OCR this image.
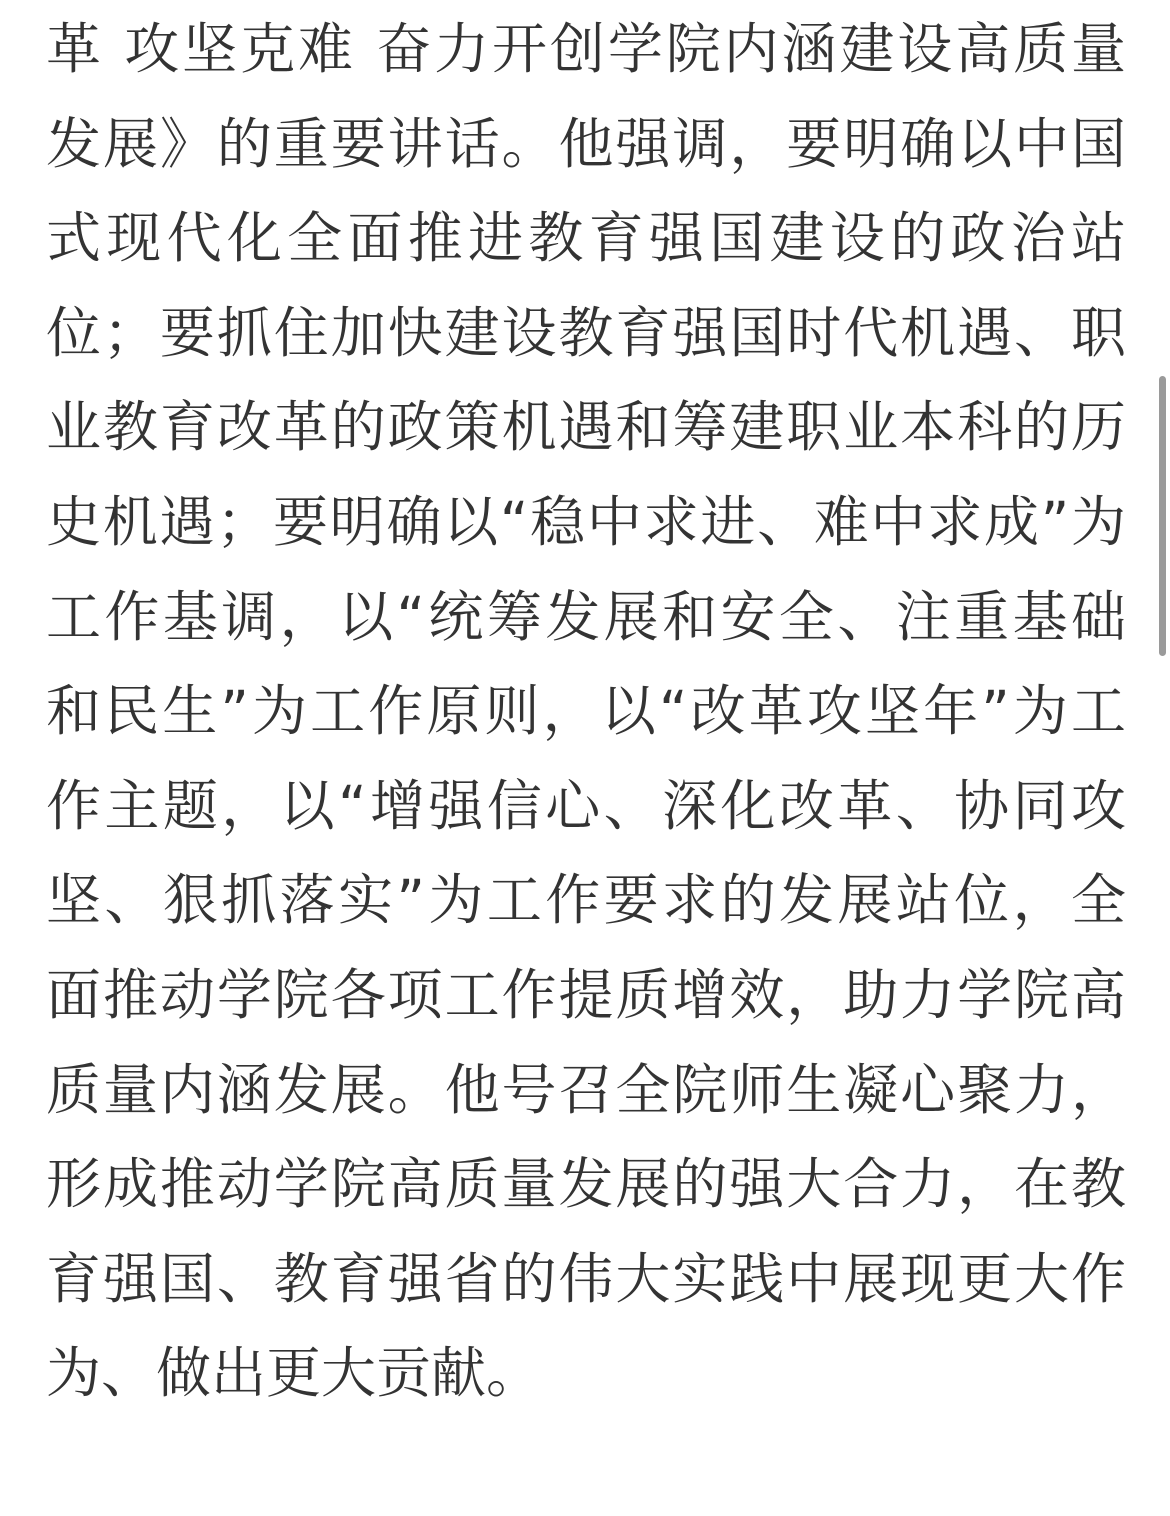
革 攻坚克难 奋力开创学院内涵建设高质量
发展》的重要讲话。他强调，要明确以中国
式现代化全面推进教育强国建设的政治站
位；要抓住加快建设教育强国时代机遇、职
业教育改革的政策机遇和筹建职业本科的历
史机遇；要明确以“稳中求进、难中求成”为
工作基调，以“统筹发展和安全、注重基础
和民生”为工作原则，以“改革攻坚年”为工
作主题，以“增强信心、深化改革、协同攻
坚、狠抓落实”为工作要求的发展站位，全
面推动学院各项工作提质增效，助力学院高
质量内涵发展。他号召全院师生凝心聚力，
形成推动学院高质量发展的强大合力，在教
育强国、教育强省的伟大实践中展现更大作
为、做出更大贡献。
